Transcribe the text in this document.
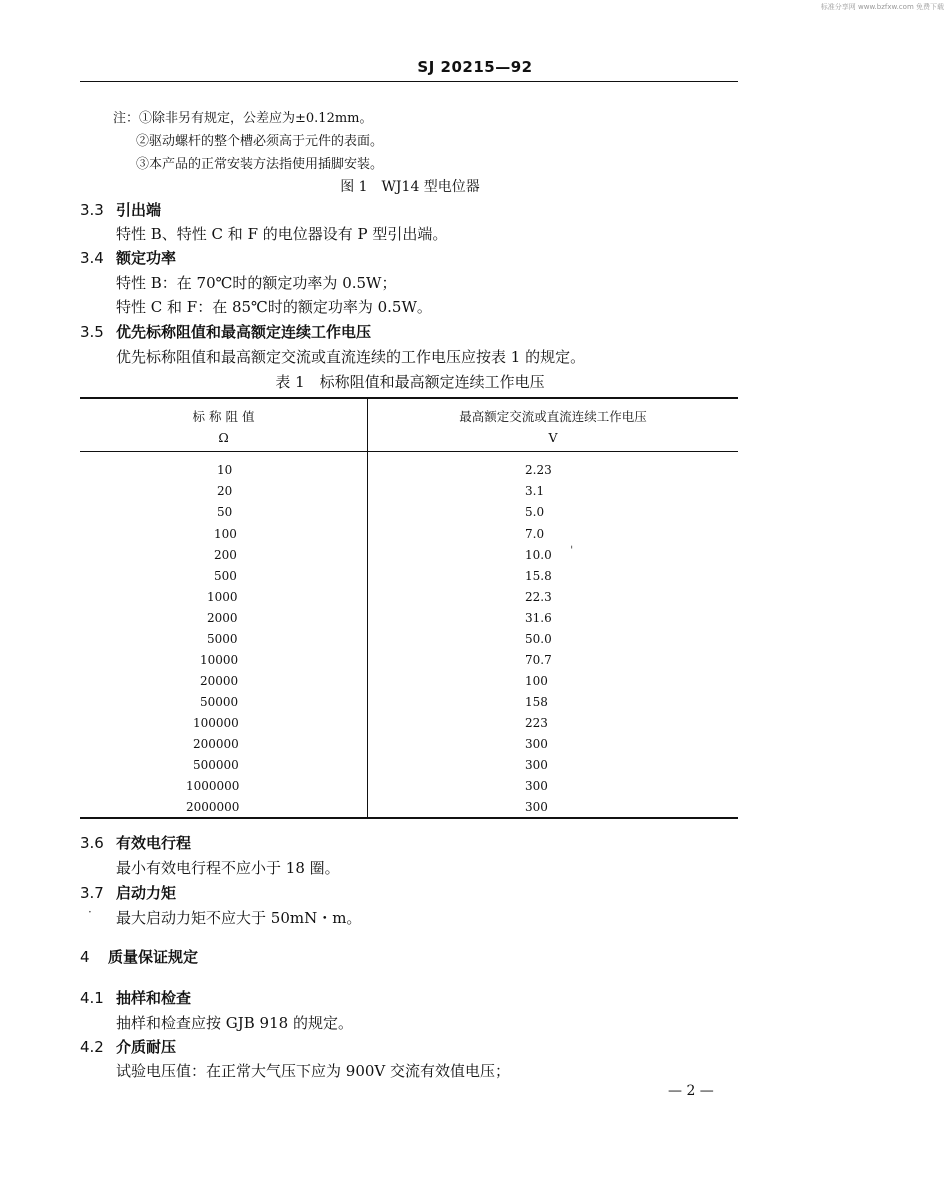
标准分享网 www.bzfxw.com 免费下载
SJ 20215—92
注：①除非另有规定，公差应为±0.12mm。
②驱动螺杆的整个槽必须高于元件的表面。
③本产品的正常安装方法指使用插脚安装。
图 1　WJ14 型电位器
3.3 引出端
特性 B、特性 C 和 F 的电位器设有 P 型引出端。
3.4 额定功率
特性 B：在 70℃时的额定功率为 0.5W；
特性 C 和 F：在 85℃时的额定功率为 0.5W。
3.5 优先标称阻值和最高额定连续工作电压
优先标称阻值和最高额定交流或直流连续的工作电压应按表 1 的规定。
表 1　标称阻值和最高额定连续工作电压
标 称 阻 值
Ω
最高额定交流或直流连续工作电压
V
10	2.23
20	3.1
50	5.0
100	7.0
200	10.0
500	15.8
1000	22.3
2000	31.6
5000	50.0
10000	70.7
20000	100
50000	158
100000	223
200000	300
500000	300
1000000	300
2000000	300
ˈ
3.6 有效电行程
最小有效电行程不应小于 18 圈。
3.7 启动力矩
· 最大启动力矩不应大于 50mN・m。
4 质量保证规定
4.1 抽样和检查
抽样和检查应按 GJB 918 的规定。
4.2 介质耐压
试验电压值：在正常大气压下应为 900V 交流有效值电压；
— 2 —
